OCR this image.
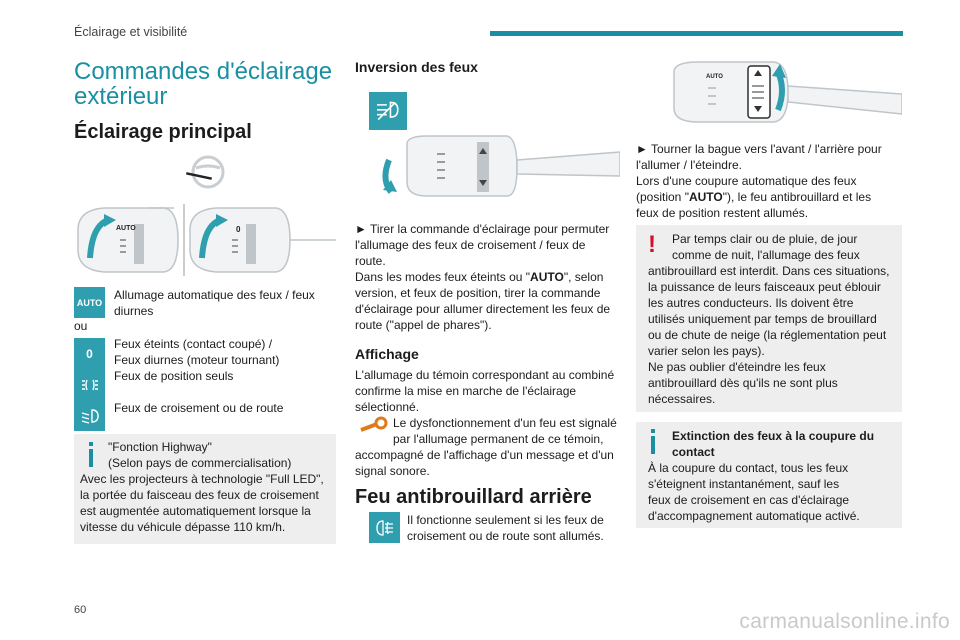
Éclairage et visibilité
Commandes d'éclairage
extérieur
Éclairage principal
AUTO	0
AUTO
Allumage automatique des feux / feux
diurnes
ou
0
Feux éteints (contact coupé) /
Feux diurnes (moteur tournant)
Feux de position seuls
Feux de croisement ou de route
"Fonction Highway"
(Selon pays de commercialisation)
Avec les projecteurs à technologie "Full LED",
la portée du faisceau des feux de croisement
est augmentée automatiquement lorsque la
vitesse du véhicule dépasse 110 km/h.
Inversion des feux
► Tirer la commande d'éclairage pour permuter
l'allumage des feux de croisement / feux de
route.
Dans les modes feux éteints ou "AUTO", selon
version, et feux de position, tirer la commande
d'éclairage pour allumer directement les feux de
route ("appel de phares").
Affichage
L'allumage du témoin correspondant au combiné
confirme la mise en marche de l'éclairage
sélectionné.
Le dysfonctionnement d'un feu est signalé
par l'allumage permanent de ce témoin,
accompagné de l'affichage d'un message et d'un
signal sonore.
Feu antibrouillard arrière
Il fonctionne seulement si les feux de
croisement ou de route sont allumés.
AUTO
► Tourner la bague vers l'avant / l'arrière pour
l'allumer / l'éteindre.
Lors d'une coupure automatique des feux
(position "AUTO"), le feu antibrouillard et les
feux de position restent allumés.
! Par temps clair ou de pluie, de jour
comme de nuit, l'allumage des feux
antibrouillard est interdit. Dans ces situations,
la puissance de leurs faisceaux peut éblouir
les autres conducteurs. Ils doivent être
utilisés uniquement par temps de brouillard
ou de chute de neige (la réglementation peut
varier selon les pays).
Ne pas oublier d'éteindre les feux
antibrouillard dès qu'ils ne sont plus
nécessaires.
Extinction des feux à la coupure du
contact
À la coupure du contact, tous les feux
s'éteignent instantanément, sauf les
feux de croisement en cas d'éclairage
d'accompagnement automatique activé.
60	carmanualsonline.info
